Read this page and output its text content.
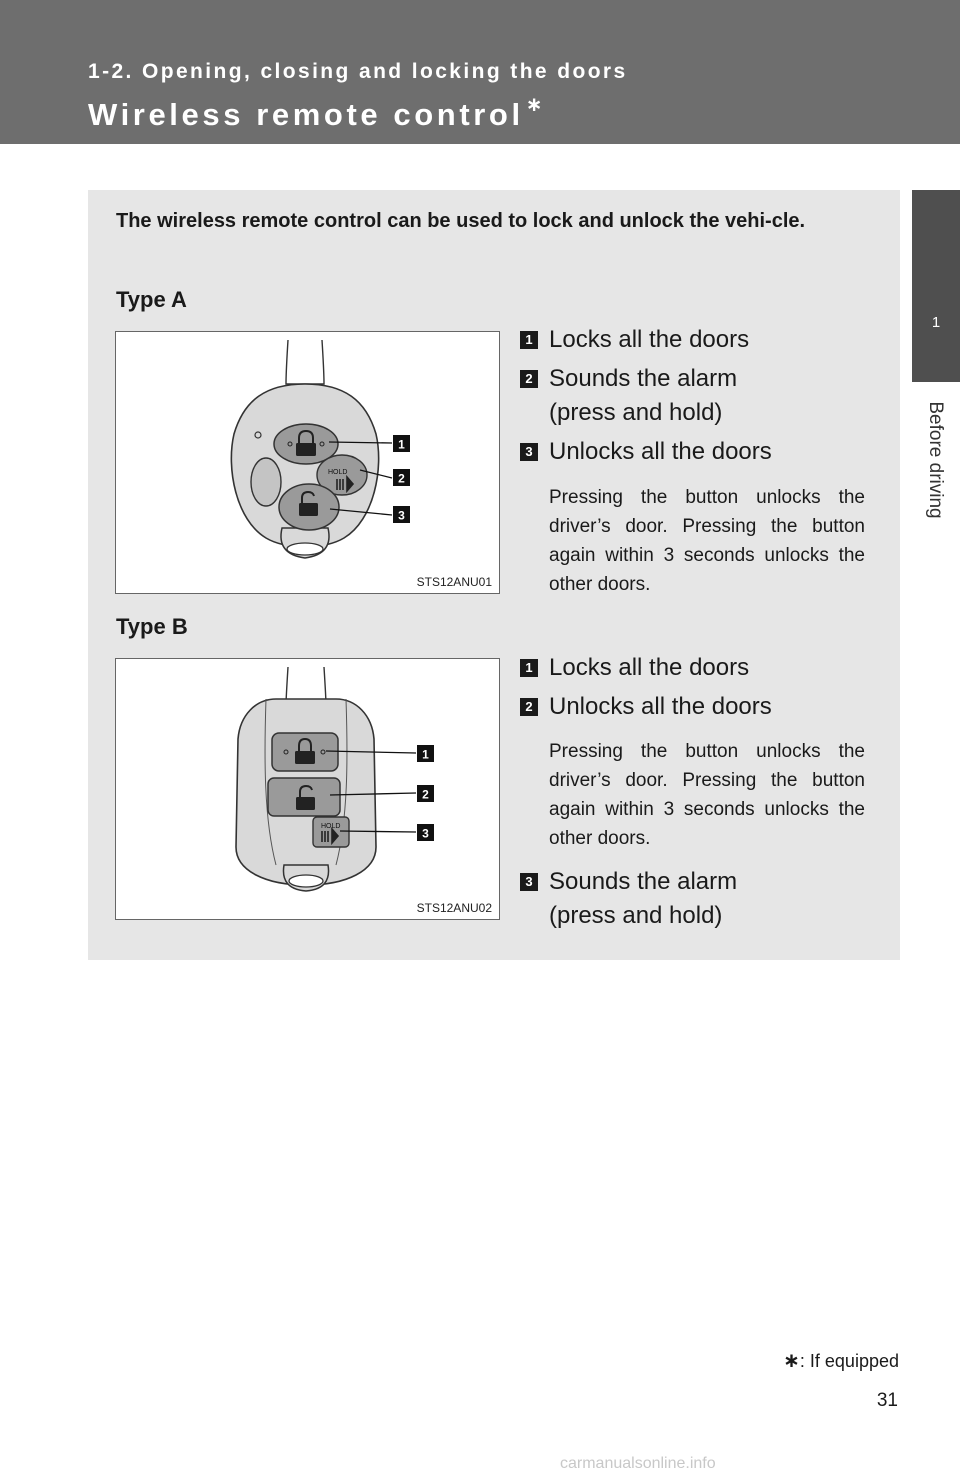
1-2. Opening, closing and locking the doors
Wireless remote control ∗
1
Before driving
The wireless remote control can be used to lock and unlock the vehi-cle.
Type A
HOLD
1
2
3
STS12ANU01
1 Locks all the doors
2 Sounds the alarm
(press and hold)
3 Unlocks all the doors
Pressing the button unlocks the driver’s door. Pressing the button again within 3 seconds unlocks the other doors.
Type B
HOLD
1
2
3
STS12ANU02
1 Locks all the doors
2 Unlocks all the doors
Pressing the button unlocks the driver’s door. Pressing the button again within 3 seconds unlocks the other doors.
3 Sounds the alarm
(press and hold)
∗: If equipped
31
carmanualsonline.info
